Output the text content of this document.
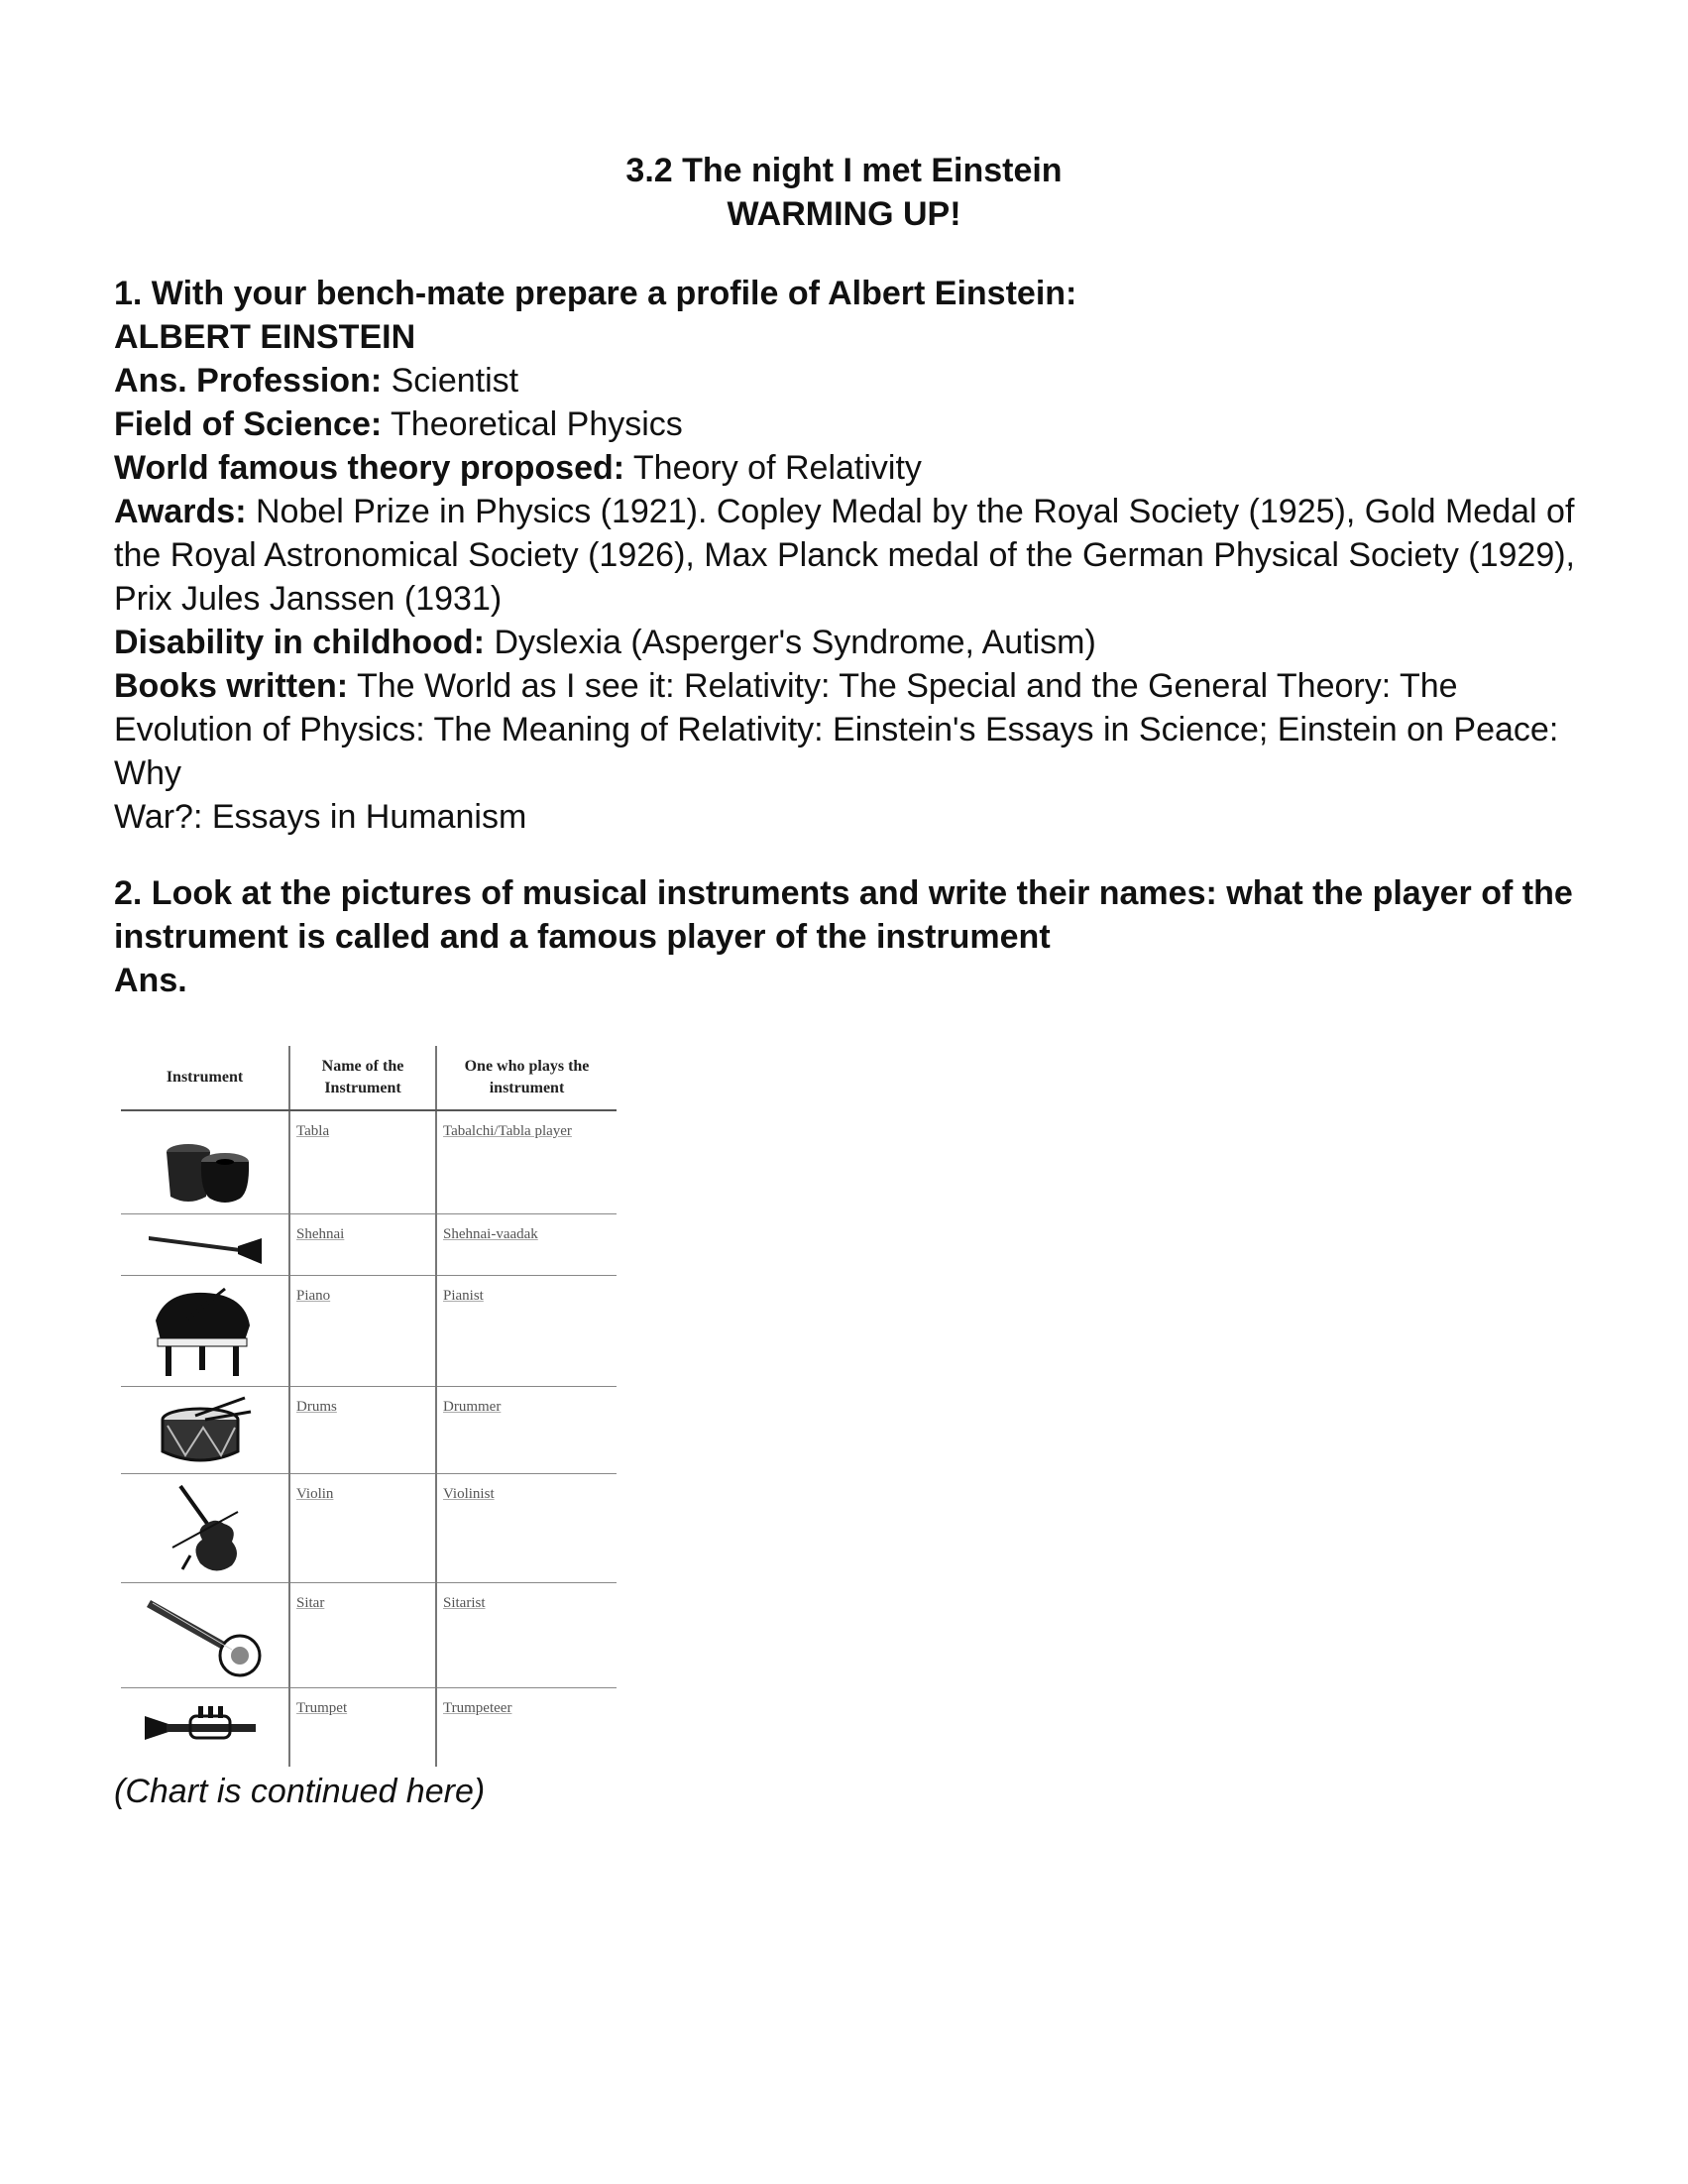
3.2 The night I met Einstein
WARMING UP!

1. With your bench-mate prepare a profile of Albert Einstein:

ALBERT EINSTEIN

Ans. Profession: Scientist

Field of Science: Theoretical Physics

World famous theory proposed: Theory of Relativity

Awards: Nobel Prize in Physics (1921). Copley Medal by the Royal Society (1925), Gold Medal of the Royal Astronomical Society (1926), Max Planck medal of the German Physical Society (1929), Prix Jules Janssen (1931)

Disability in childhood: Dyslexia (Asperger's Syndrome, Autism)

Books written: The World as I see it: Relativity: The Special and the General Theory: The Evolution of Physics: The Meaning of Relativity: Einstein's Essays in Science; Einstein on Peace: Why

War?: Essays in Humanism

2. Look at the pictures of musical instruments and write their names: what the player of the instrument is called and a famous player of the instrument

Ans.

Instrument	Name of the Instrument	One who plays the instrument

	Tabla	Tabalchi/Tabla player

	Shehnai	Shehnai-vaadak

	Piano	Pianist

	Drums	Drummer

	Violin	Violinist

	Sitar	Sitarist

	Trumpet	Trumpeteer
(Chart is continued here)
